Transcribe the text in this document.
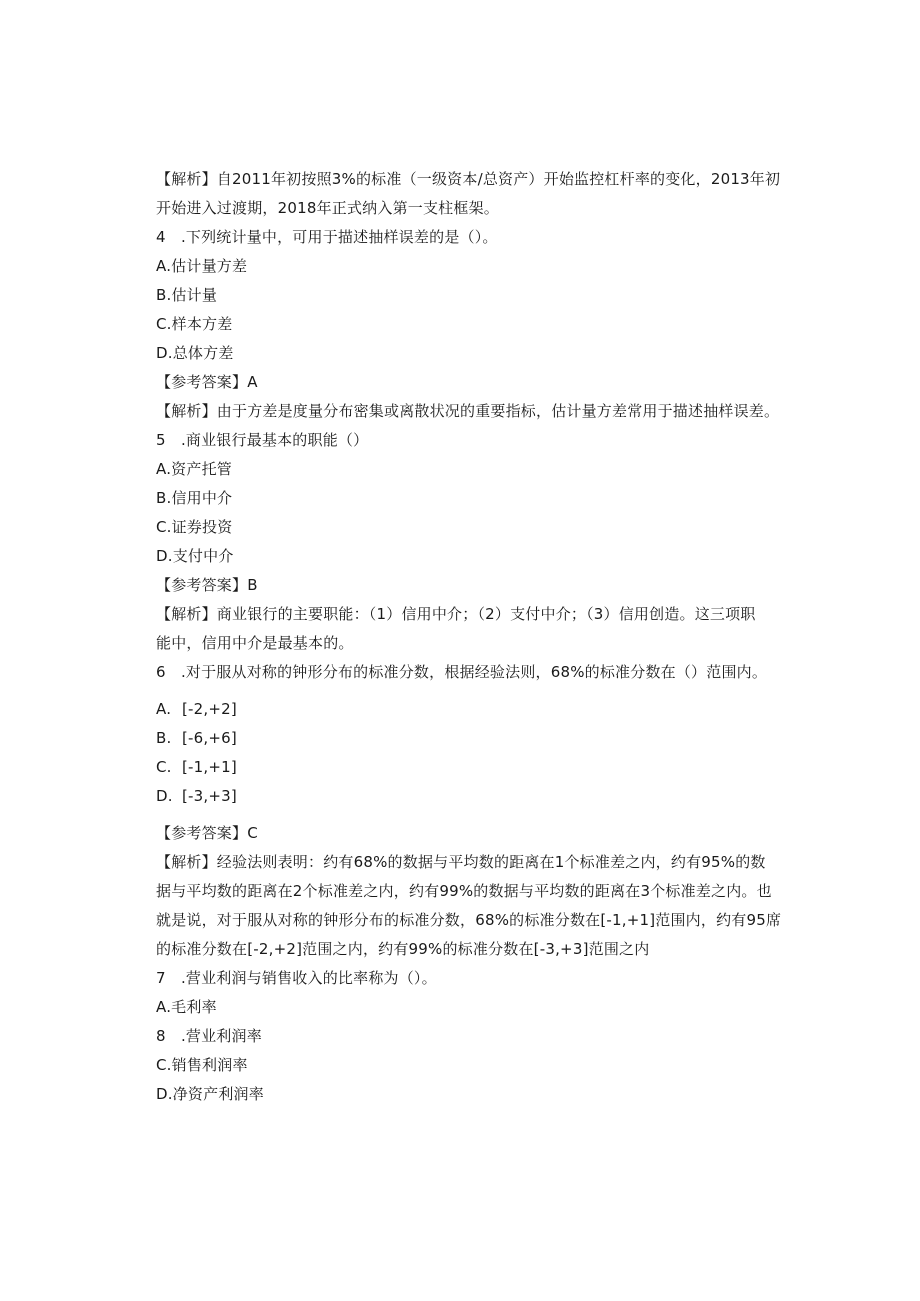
【解析】自2011年初按照3%的标准（一级资本/总资产）开始监控杠杆率的变化，2013年初
开始进入过渡期，2018年正式纳入第一支柱框架。
4　.下列统计量中，可用于描述抽样误差的是（）。
A.估计量方差
B.估计量
C.样本方差
D.总体方差
【参考答案】A
【解析】由于方差是度量分布密集或离散状况的重要指标，估计量方差常用于描述抽样误差。
5　.商业银行最基本的职能（）
A.资产托管
B.信用中介
C.证券投资
D.支付中介
【参考答案】B
【解析】商业银行的主要职能：（1）信用中介；（2）支付中介；（3）信用创造。这三项职
能中，信用中介是最基本的。
6　.对于服从对称的钟形分布的标准分数，根据经验法则，68%的标准分数在（）范围内。
A. [-2,+2]
B. [-6,+6]
C. [-1,+1]
D. [-3,+3]
【参考答案】C
【解析】经验法则表明：约有68%的数据与平均数的距离在1个标准差之内，约有95%的数
据与平均数的距离在2个标准差之内，约有99%的数据与平均数的距离在3个标准差之内。也
就是说，对于服从对称的钟形分布的标准分数，68%的标准分数在[-1,+1]范围内，约有95席
的标准分数在[-2,+2]范围之内，约有99%的标准分数在[-3,+3]范围之内
7　.营业利润与销售收入的比率称为（）。
A.毛利率
8　.营业利润率
C.销售利润率
D.净资产利润率
